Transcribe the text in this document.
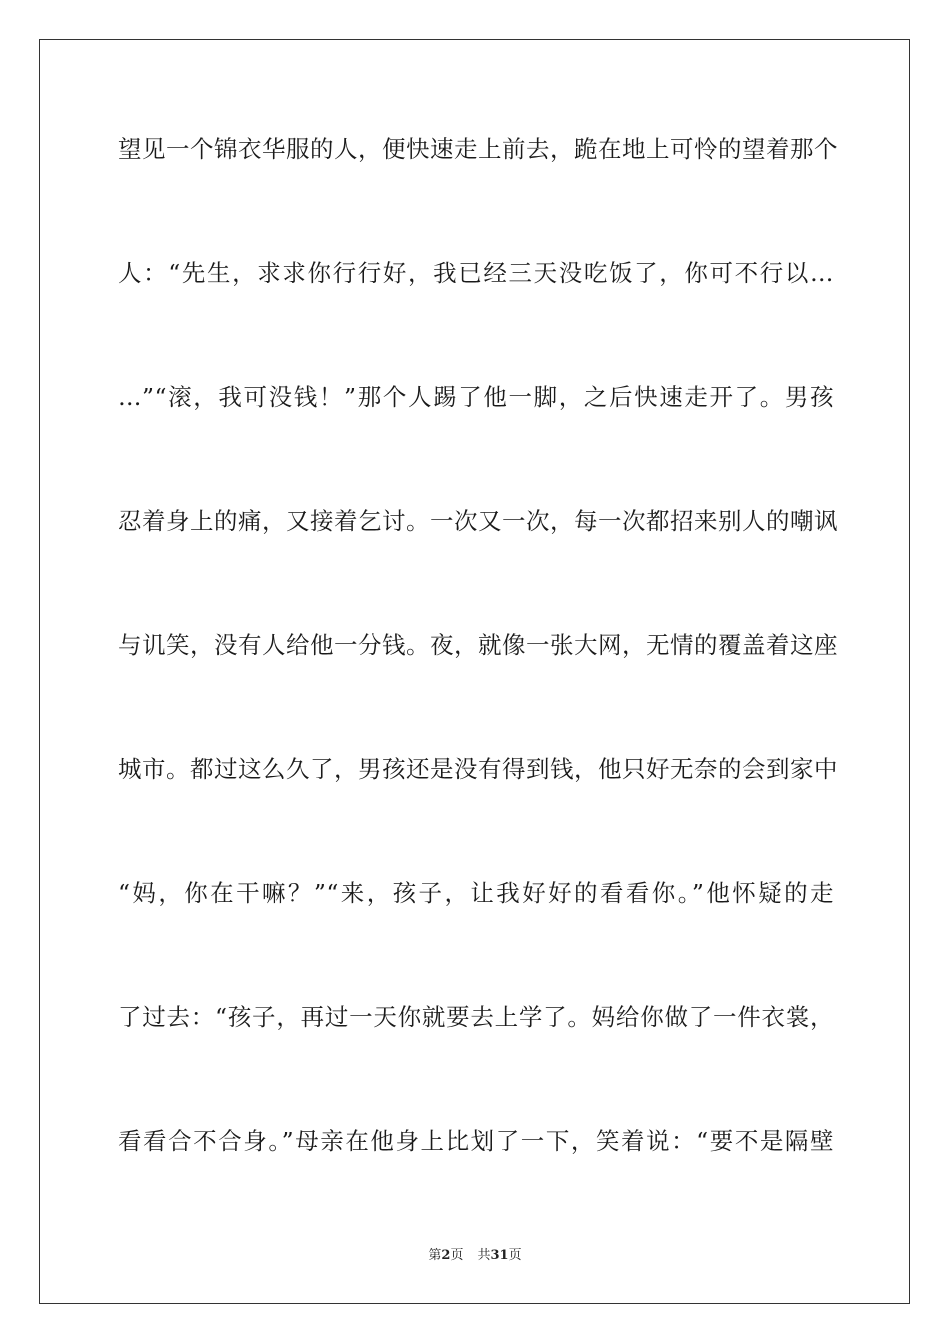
望见一个锦衣华服的人，便快速走上前去，跪在地上可怜的望着那个
人：“先生，求求你行行好，我已经三天没吃饭了，你可不行以…
…”“滚，我可没钱！”那个人踢了他一脚，之后快速走开了。男孩
忍着身上的痛，又接着乞讨。一次又一次，每一次都招来别人的嘲讽
与讥笑，没有人给他一分钱。夜，就像一张大网，无情的覆盖着这座
城市。都过这么久了，男孩还是没有得到钱，他只好无奈的会到家中
“妈，你在干嘛？”“来，孩子，让我好好的看看你。”他怀疑的走
了过去：“孩子，再过一天你就要去上学了。妈给你做了一件衣裳，
看看合不合身。”母亲在他身上比划了一下，笑着说：“要不是隔壁
第2页 共31页
